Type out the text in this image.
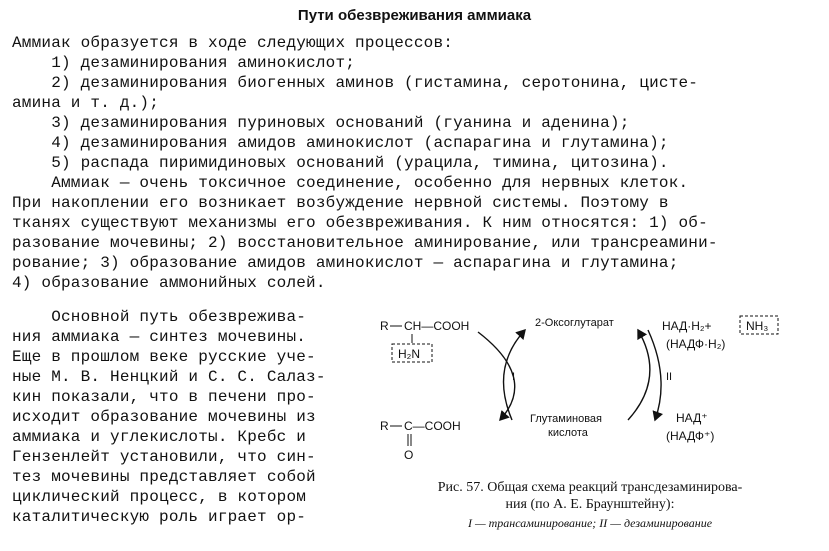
Пути обезвреживания аммиака
Аммиак образуется в ходе следующих процессов:
1) дезаминирования аминокислот;
2) дезаминирования биогенных аминов (гистамина, серотонина, цисте-
амина и т. д.);
3) дезаминирования пуриновых оснований (гуанина и аденина);
4) дезаминирования амидов аминокислот (аспарагина и глутамина);
5) распада пиримидиновых оснований (урацила, тимина, цитозина).
Аммиак — очень токсичное соединение, особенно для нервных клеток.
При накоплении его возникает возбуждение нервной системы. Поэтому в
тканях существуют механизмы его обезвреживания. К ним относятся: 1) об-
разование мочевины; 2) восстановительное аминирование, или трансреамини-
рование; 3) образование амидов аминокислот — аспарагина и глутамина;
4) образование аммонийных солей.
Основной путь обезврежива-
ния аммиака — синтез мочевины.
Еще в прошлом веке русские уче-
ные М. В. Ненцкий и С. С. Салаз-
кин показали, что в печени про-
исходит образование мочевины из
аммиака и углекислоты. Кребс и
Гензенлейт установили, что син-
тез мочевины представляет собой
циклический процесс, в котором
каталитическую роль играет ор-
R CH—COOH
H₂N
R C—COOH
O
I
2-Оксоглутарат
Глутаминовая
кислота
II
НАД·Н₂+	NH₃
(НАДФ·Н₂)
НАД⁺
(НАДФ⁺)
Рис. 57. Общая схема реакций трансдезаминирова-
ния (по А. Е. Браунштейну):
I — трансаминирование; II — дезаминирование
